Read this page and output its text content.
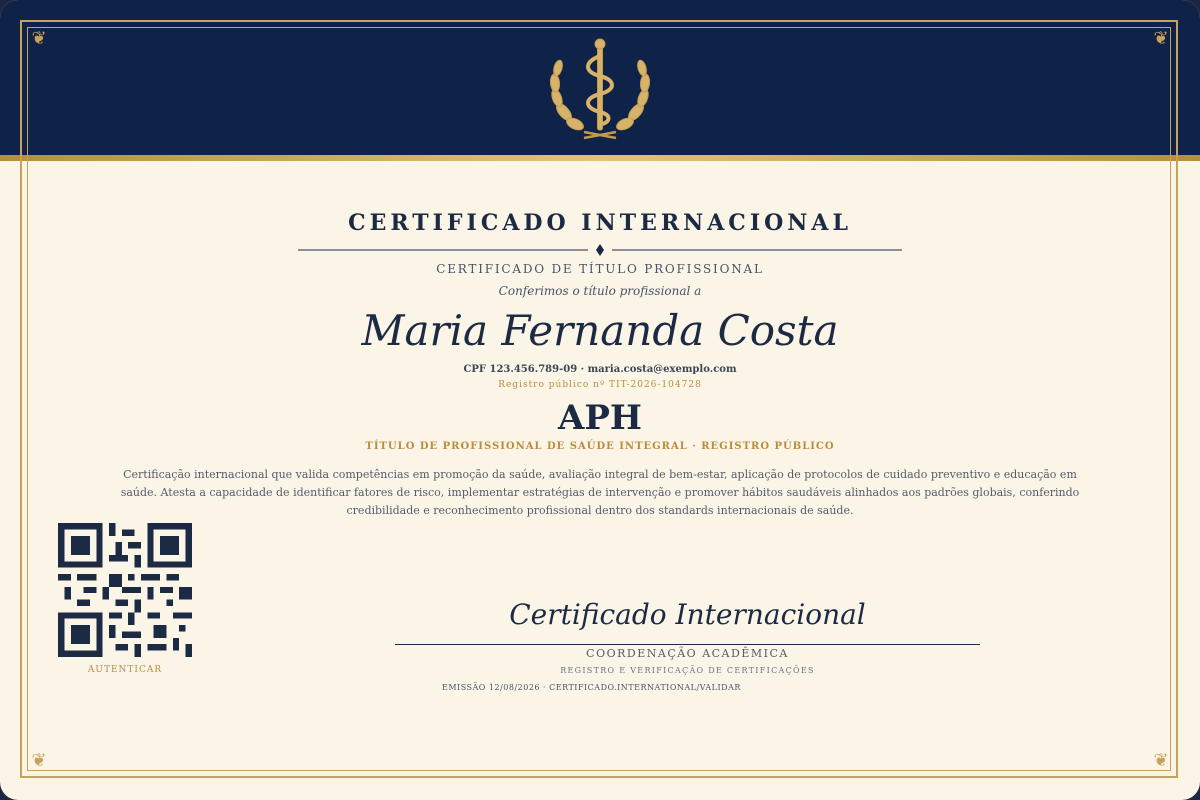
❦	❦
❦	❦
CERTIFICADO INTERNACIONAL
CERTIFICADO DE TÍTULO PROFISSIONAL
Conferimos o título profissional a
Maria Fernanda Costa
CPF 123.456.789-09 · maria.costa@exemplo.com
Registro público nº TIT-2026-104728
APH
TÍTULO DE PROFISSIONAL DE SAÚDE INTEGRAL · REGISTRO PÚBLICO
Certificação internacional que valida competências em promoção da saúde, avaliação integral de bem-estar, aplicação de protocolos de cuidado preventivo e educação em saúde. Atesta a capacidade de identificar fatores de risco, implementar estratégias de intervenção e promover hábitos saudáveis alinhados aos padrões globais, conferindo credibilidade e reconhecimento profissional dentro dos standards internacionais de saúde.
AUTENTICAR
Certificado Internacional
COORDENAÇÃO ACADÊMICA
REGISTRO E VERIFICAÇÃO DE CERTIFICAÇÕES
EMISSÃO 12/08/2026 · CERTIFICADO.INTERNATIONAL/VALIDAR
